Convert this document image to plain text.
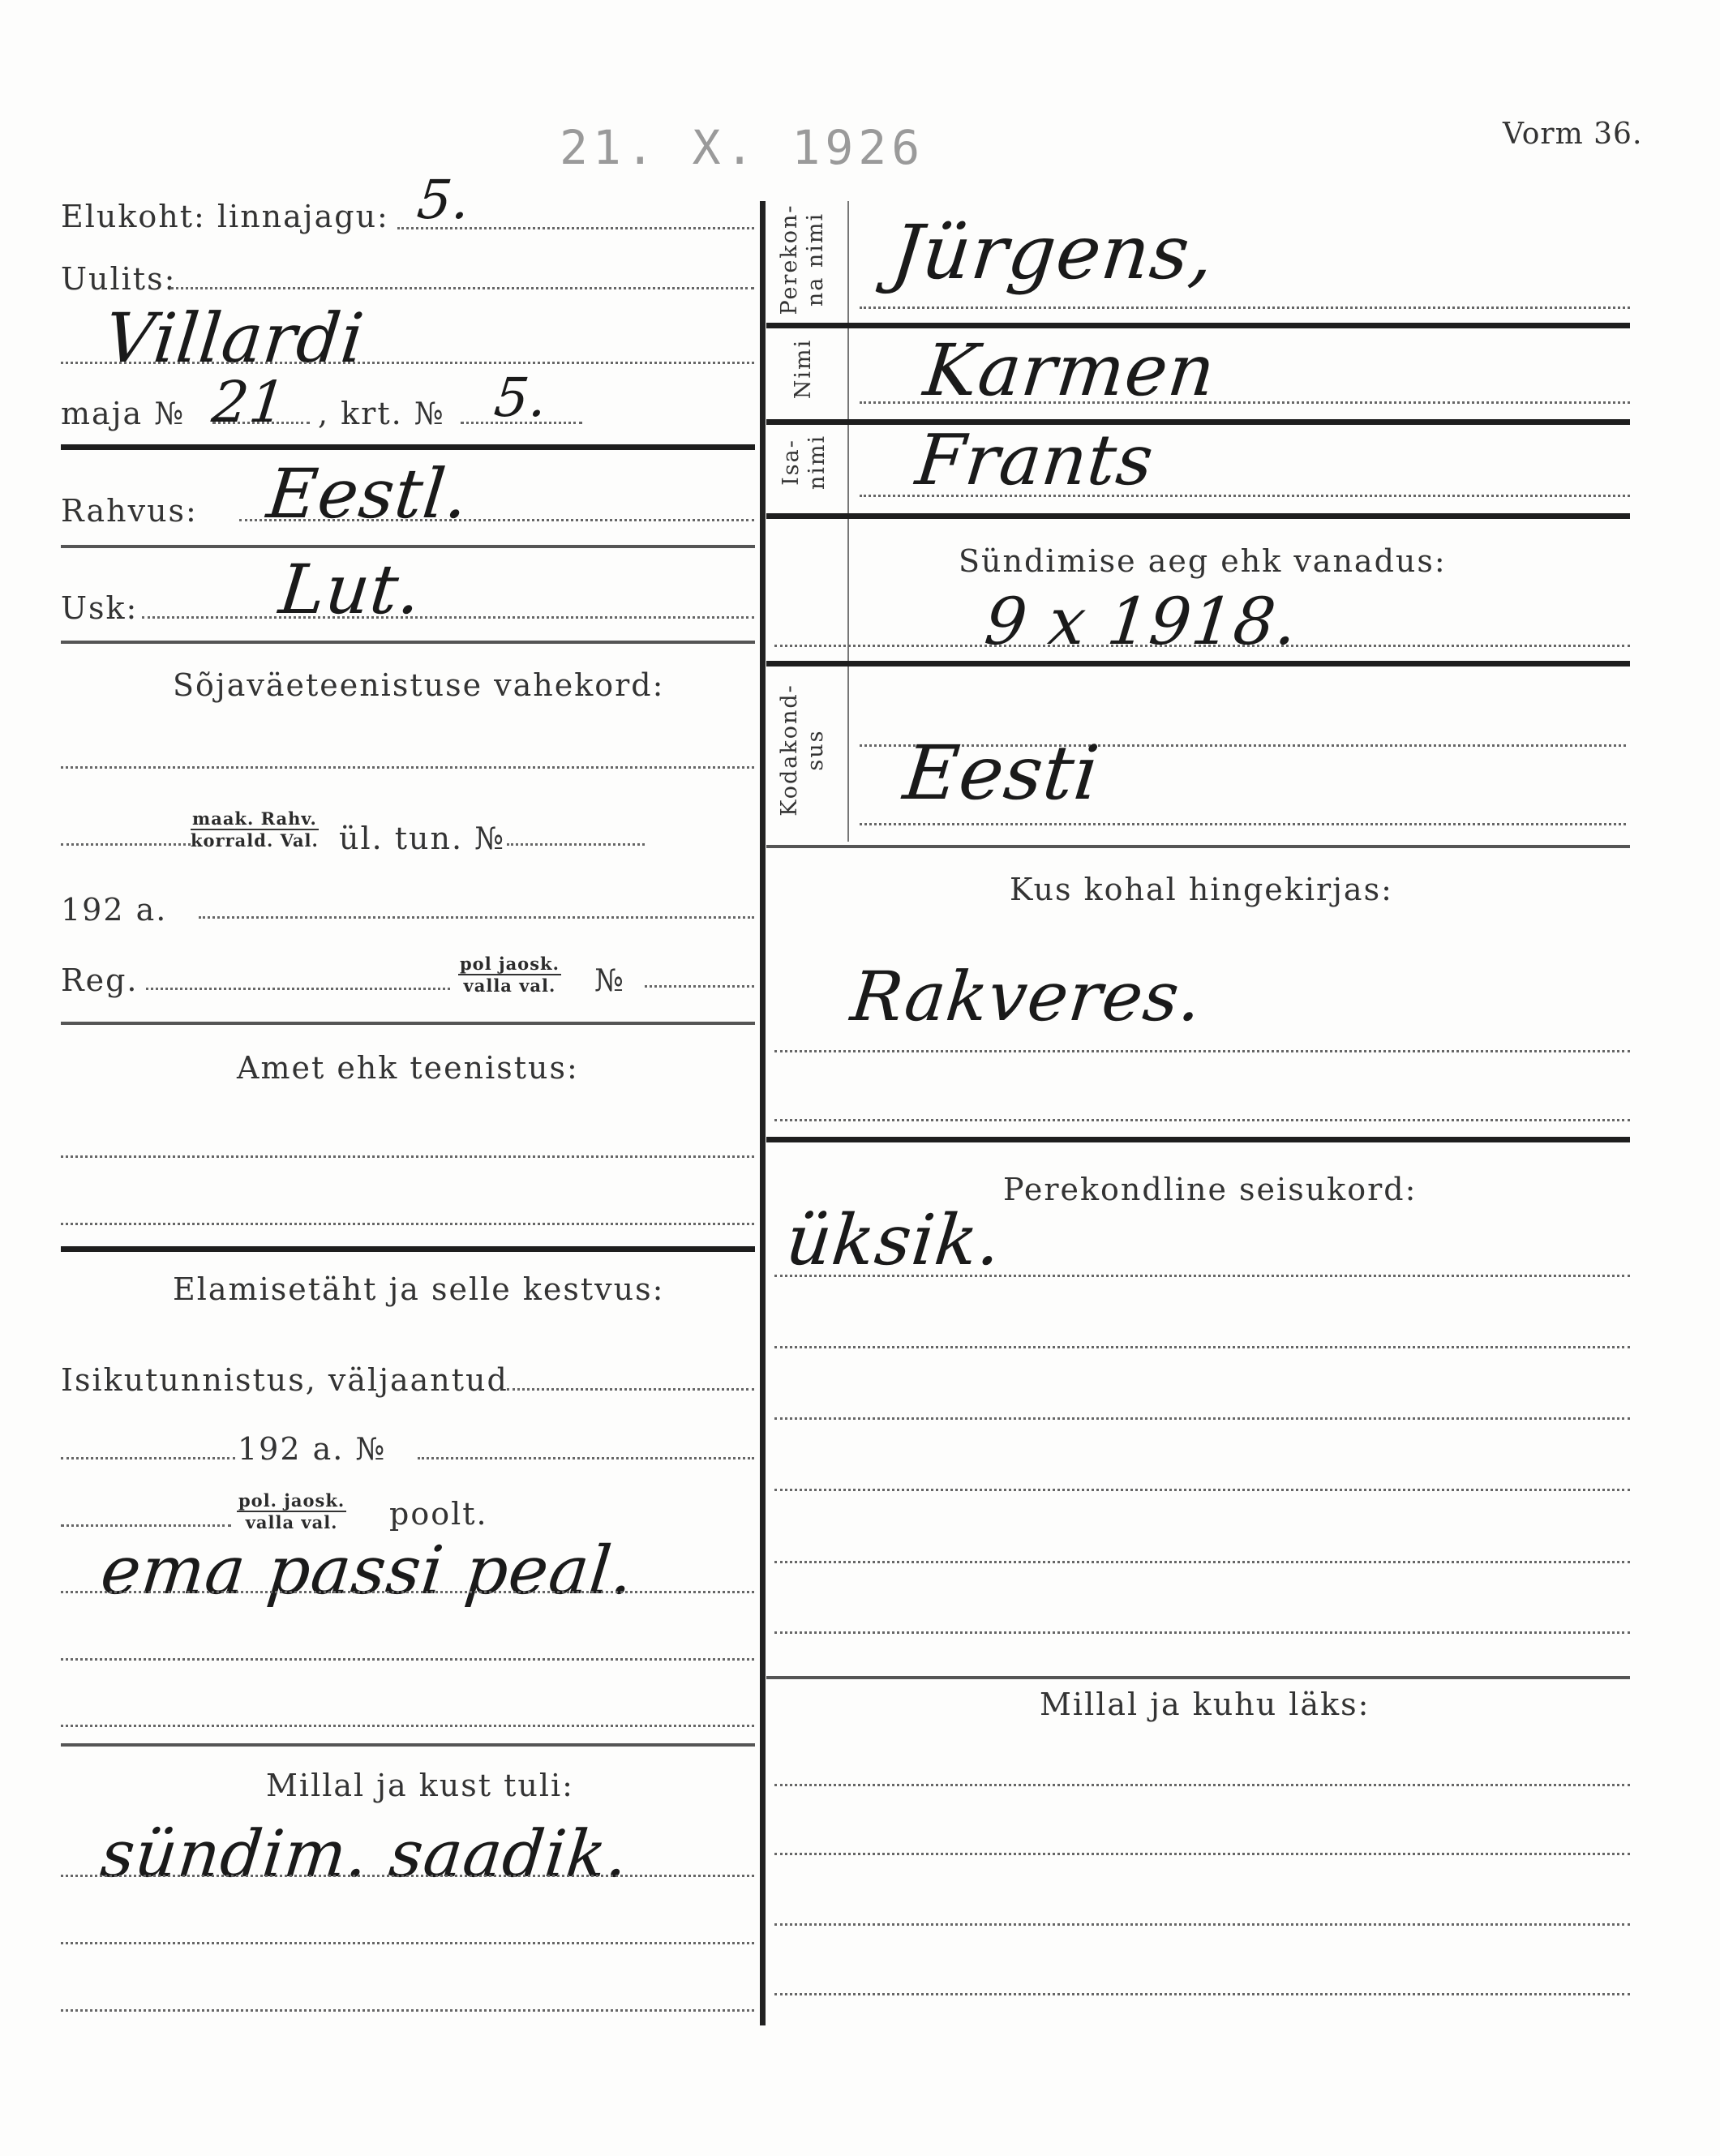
Vorm 36.
21. X. 1926
Elukoht: linnajagu: 5.
Uulits:
Villardi
maja № 21 , krt. № 5.
Rahvus: Eestl.
Usk: Lut.
Sõjaväeteenistuse vahekord:
maak. Rahv.
korrald. Val. ül. tun. №
192 a.
Reg.	pol jaosk.
valla val. №
Amet ehk teenistus:
Elamisetäht ja selle kestvus:
Isikutunnistus, väljaantud
192 a. №
pol. jaosk.
valla val. poolt.
ema passi peal.
Millal ja kust tuli:
sündim. saadik.
Perekon-
na nimi Jürgens,
Nimi Karmen
Isa-
nimi Frants
Sündimise aeg ehk vanadus:
9 x 1918.
Kodakond-
sus Eesti
Kus kohal hingekirjas:
Rakveres.
Perekondline seisukord:
üksik.
Millal ja kuhu läks:
